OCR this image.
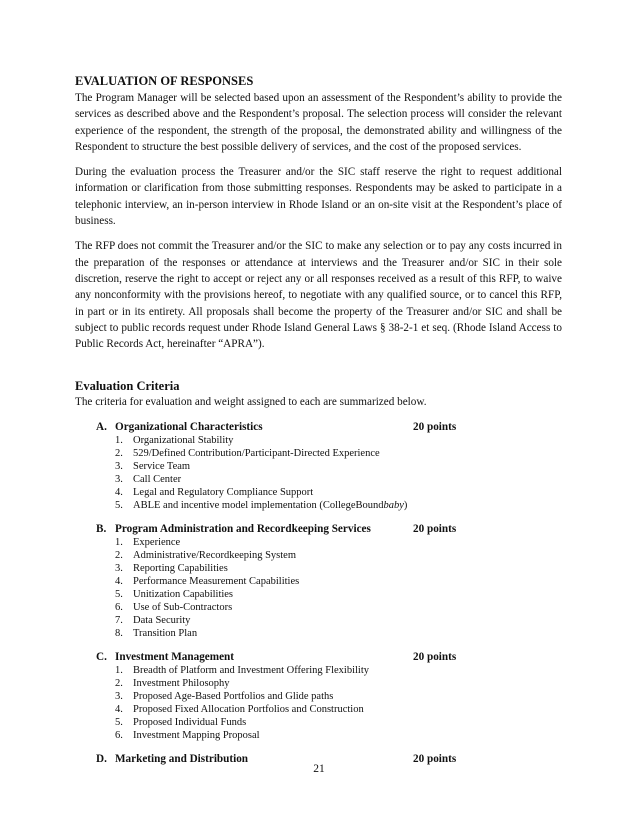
EVALUATION OF RESPONSES

The Program Manager will be selected based upon an assessment of the Respondent’s ability to provide the services as described above and the Respondent’s proposal. The selection process will consider the relevant experience of the respondent, the strength of the proposal, the demonstrated ability and willingness of the Respondent to structure the best possible delivery of services, and the cost of the proposed services.

During the evaluation process the Treasurer and/or the SIC staff reserve the right to request additional information or clarification from those submitting responses. Respondents may be asked to participate in a telephonic interview, an in-person interview in Rhode Island or an on-site visit at the Respondent’s place of business.

The RFP does not commit the Treasurer and/or the SIC to make any selection or to pay any costs incurred in the preparation of the responses or attendance at interviews and the Treasurer and/or SIC in their sole discretion, reserve the right to accept or reject any or all responses received as a result of this RFP, to waive any nonconformity with the provisions hereof, to negotiate with any qualified source, or to cancel this RFP, in part or in its entirety. All proposals shall become the property of the Treasurer and/or SIC and shall be subject to public records request under Rhode Island General Laws § 38-2-1 et seq. (Rhode Island Access to Public Records Act, hereinafter “APRA”).

Evaluation Criteria

The criteria for evaluation and weight assigned to each are summarized below.

A. Organizational Characteristics	20 points
1. Organizational Stability
2. 529/Defined Contribution/Participant-Directed Experience
3. Service Team
3. Call Center
4. Legal and Regulatory Compliance Support
5. ABLE and incentive model implementation (CollegeBoundbaby)
B. Program Administration and Recordkeeping Services	20 points
1. Experience
2. Administrative/Recordkeeping System
3. Reporting Capabilities
4. Performance Measurement Capabilities
5. Unitization Capabilities
6. Use of Sub-Contractors
7. Data Security
8. Transition Plan
C. Investment Management	20 points
1. Breadth of Platform and Investment Offering Flexibility
2. Investment Philosophy
3. Proposed Age-Based Portfolios and Glide paths
4. Proposed Fixed Allocation Portfolios and Construction
5. Proposed Individual Funds
6. Investment Mapping Proposal
D. Marketing and Distribution	20 points
21
